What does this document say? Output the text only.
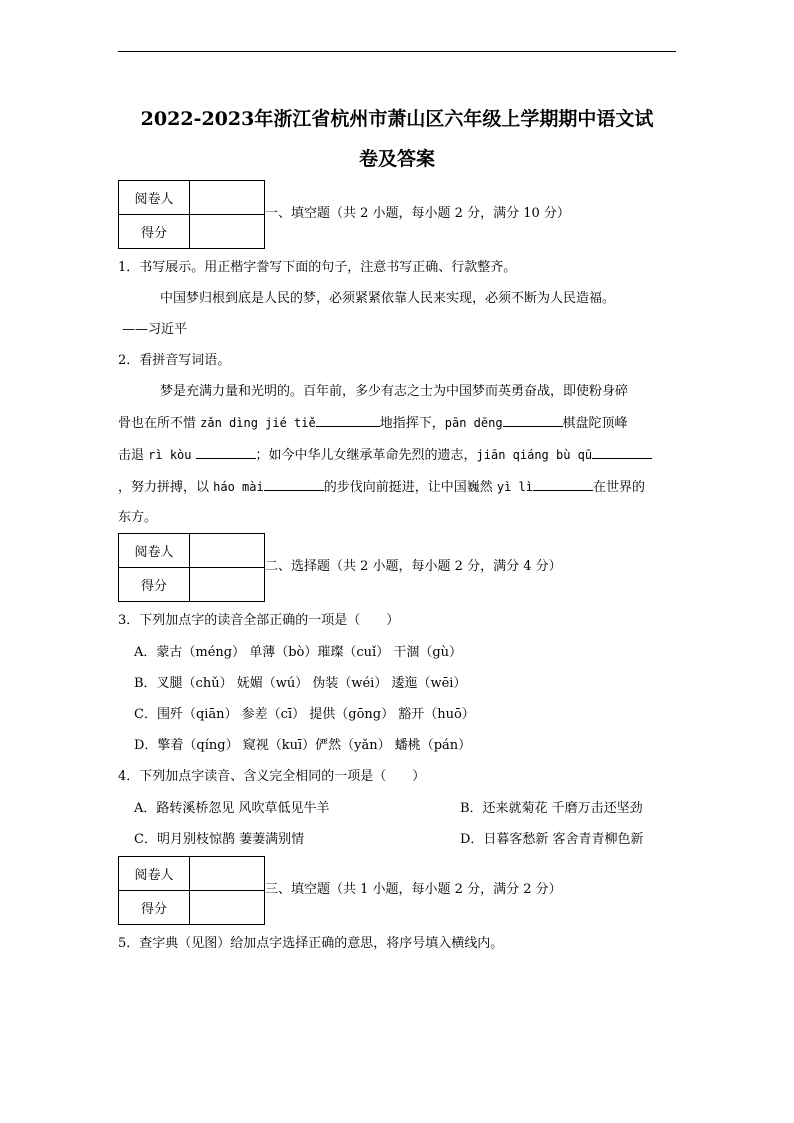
2022-2023年浙江省杭州市萧山区六年级上学期期中语文试
卷及答案
阅卷人	
得分	
一、填空题（共 2 小题，每小题 2 分，满分 10 分）
1．书写展示。用正楷字誊写下面的句子，注意书写正确、行款整齐。
中国梦归根到底是人民的梦，必须紧紧依靠人民来实现，必须不断为人民造福。
——习近平
2．看拼音写词语。
梦是充满力量和光明的。百年前，多少有志之士为中国梦而英勇奋战，即使粉身碎
骨也在所不惜 zǎn dìng jié tiě	地指挥下，pān dēng	棋盘陀顶峰
击退 rì kòu	；如今中华儿女继承革命先烈的遗志，jiān qiáng bù qū
，努力拼搏，以 háo mài	的步伐向前挺进，让中国巍然 yì lì	在世界的
东方。
阅卷人	
得分	
二、选择题（共 2 小题，每小题 2 分，满分 4 分）
3．下列加点字的读音全部正确的一项是（　　）
A．蒙古（méng） 单薄（bò）璀璨（cuǐ） 干涸（gù）
B．叉腿（chǔ） 妩媚（wú） 伪装（wéi） 逶迤（wēi）
C．围歼（qiān） 参差（cī） 提供（gōng） 豁开（huō）
D．擎着（qíng） 窥视（kuī）俨然（yǎn） 蟠桃（pán）
4．下列加点字读音、含义完全相同的一项是（　　）
A．路转溪桥忽见 风吹草低见牛羊	B．还来就菊花 千磨万击还坚劲
C．明月别枝惊鹊 萋萋满别情	D．日暮客愁新 客舍青青柳色新
阅卷人	
得分	
三、填空题（共 1 小题，每小题 2 分，满分 2 分）
5．查字典（见图）给加点字选择正确的意思，将序号填入横线内。
